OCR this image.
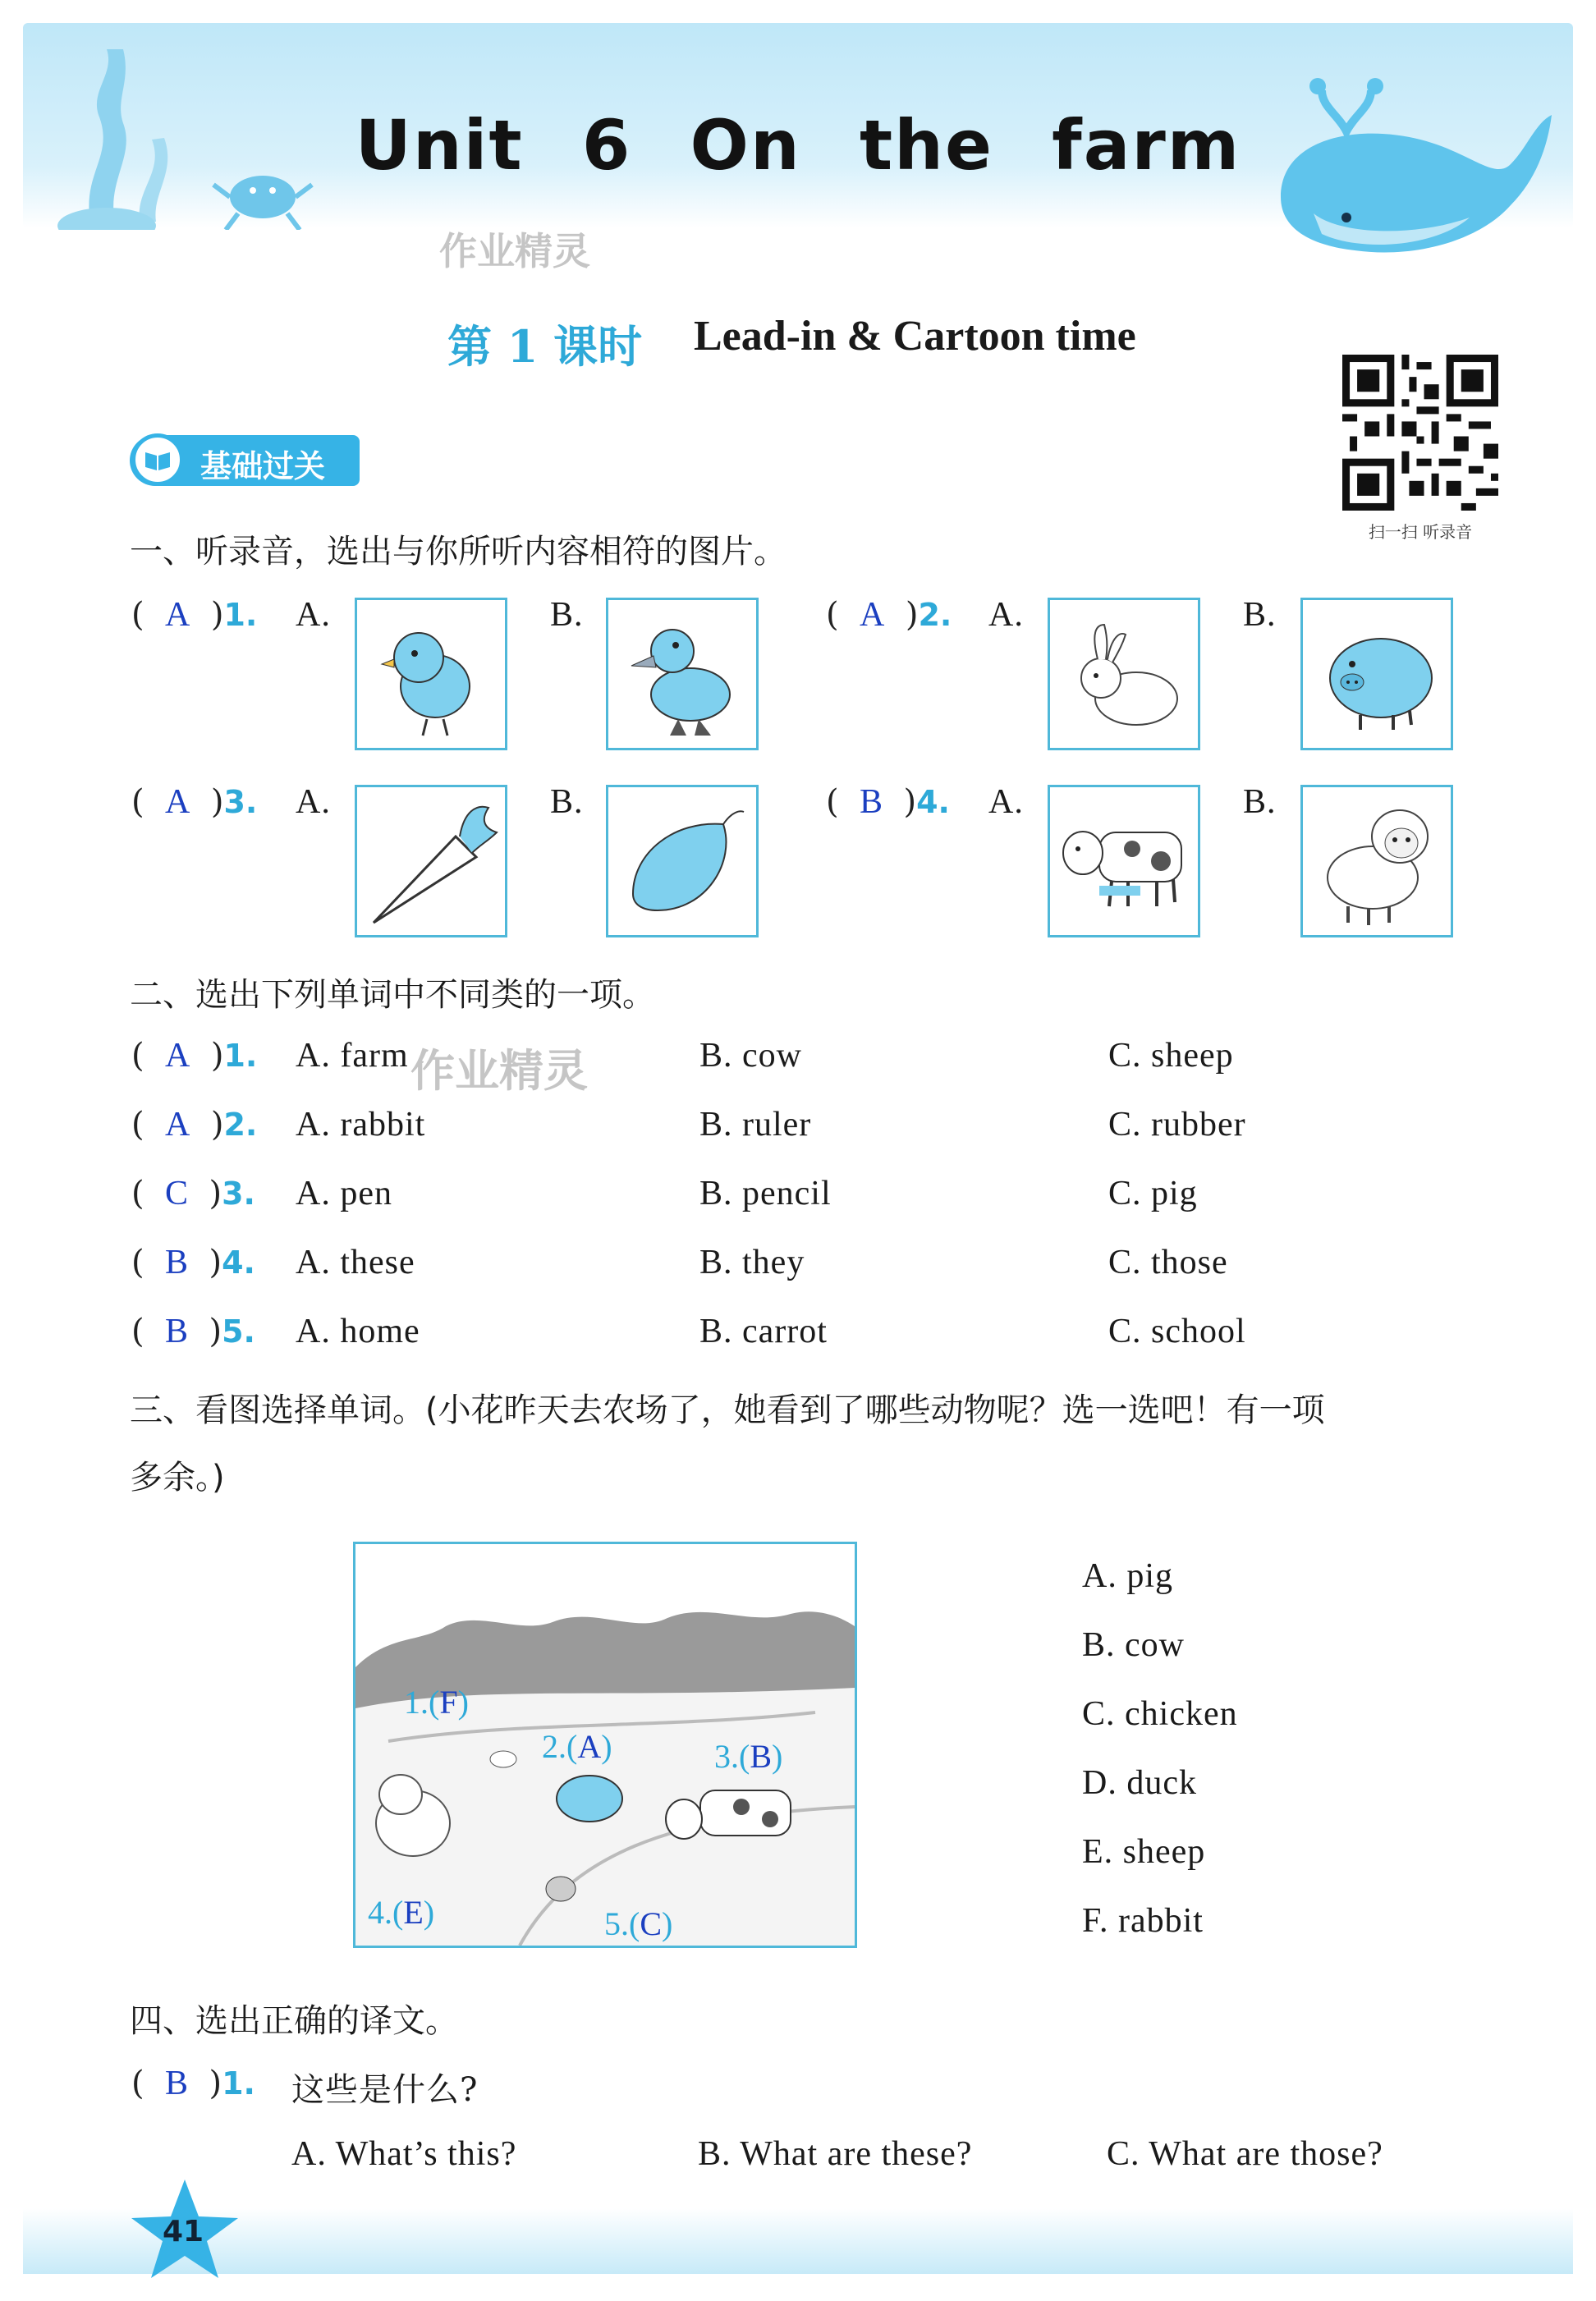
Unit 6 On the farm
作业精灵
第 1 课时 Lead-in & Cartoon time
扫一扫 听录音
基础过关
一、听录音，选出与你所听内容相符的图片。
( A )1. A.	B.	( A )2. A.	B.
( A )3. A.	B.	( B )4. A.	B.
二、选出下列单词中不同类的一项。
( A )1. A. farm	B. cow	C. sheep
( A )2. A. rabbit	B. ruler	C. rubber
( C )3. A. pen	B. pencil	C. pig
( B )4. A. these	B. they	C. those
( B )5. A. home	B. carrot	C. school
作业精灵
三、看图选择单词。(小花昨天去农场了，她看到了哪些动物呢？选一选吧！有一项
多余。)
1.(F)
2.(A)	3.(B)
4.(E)	5.(C)
A. pig
B. cow
C. chicken
D. duck
E. sheep
F. rabbit
四、选出正确的译文。
( B )1. 这些是什么?
A. What’s this?	B. What are these?	C. What are those?
41
